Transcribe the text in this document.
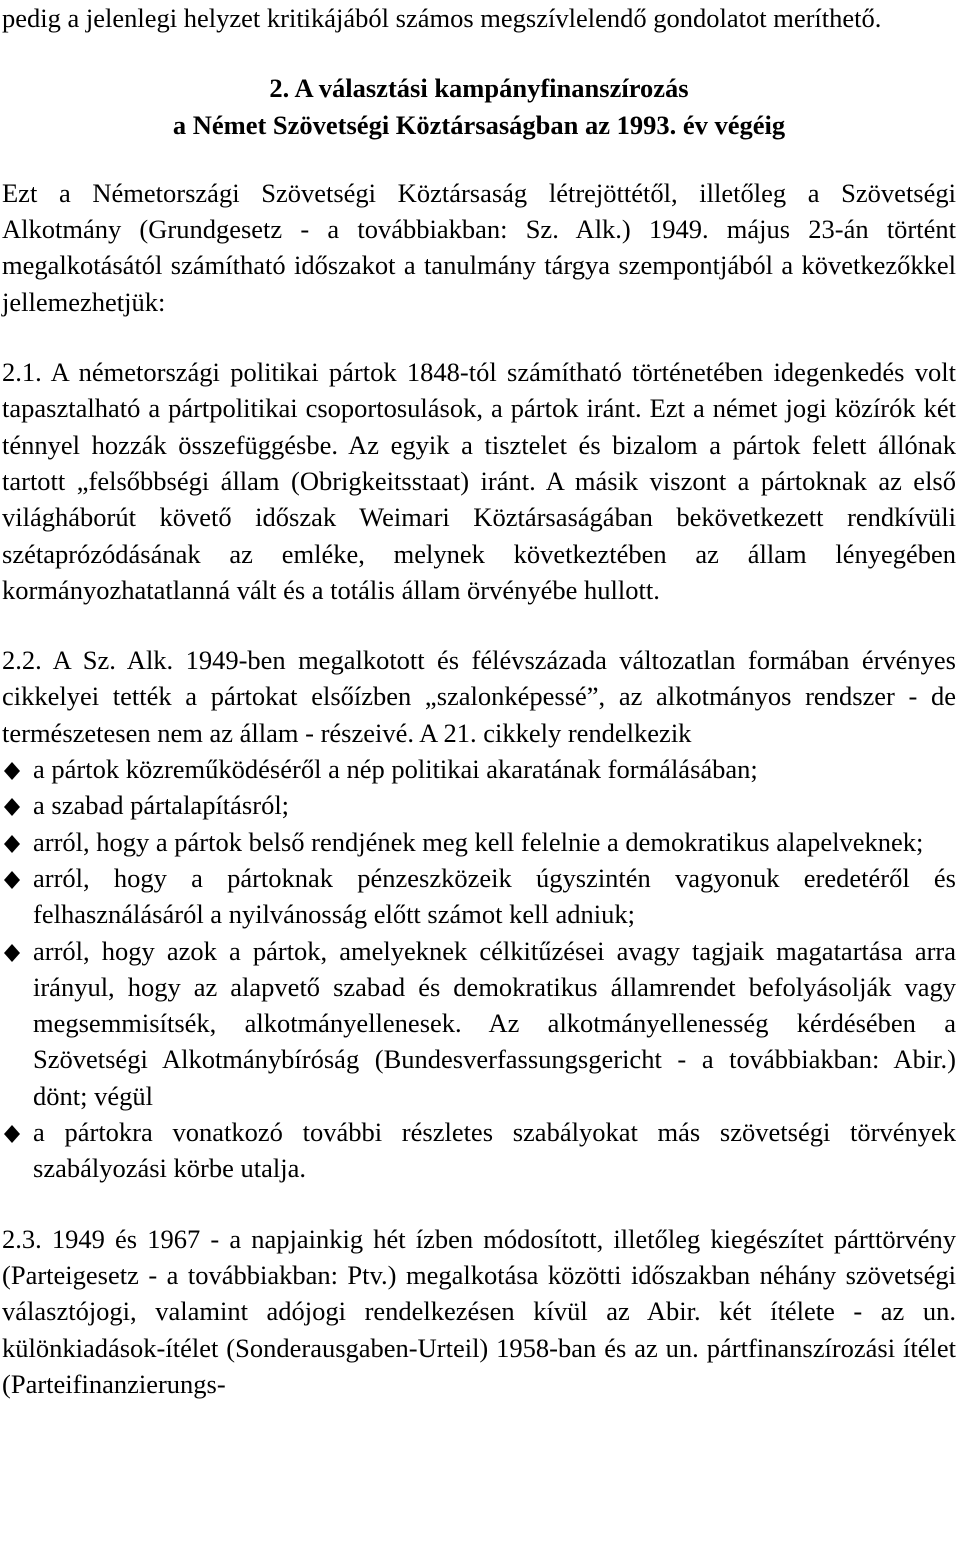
pedig a jelenlegi helyzet kritikájából számos megszívlelendő gondolatot meríthető.

2. A választási kampányfinanszírozás
a Német Szövetségi Köztársaságban az 1993. év végéig

Ezt a Németországi Szövetségi Köztársaság létrejöttétől, illetőleg a Szövetségi Alkotmány (Grundgesetz - a továbbiakban: Sz. Alk.) 1949. május 23-án történt megalkotásától számítható időszakot a tanulmány tárgya szempontjából a következőkkel jellemezhetjük:

2.1. A németországi politikai pártok 1848-tól számítható történetében idegenkedés volt tapasztalható a pártpolitikai csoportosulások, a pártok iránt. Ezt a német jogi közírók két ténnyel hozzák összefüggésbe. Az egyik a tisztelet és bizalom a pártok felett állónak tartott „felsőbbségi állam (Obrigkeitsstaat) iránt. A másik viszont a pártoknak az első világháborút követő időszak Weimari Köztársaságában bekövetkezett rendkívüli szétaprózódásának az emléke, melynek következtében az állam lényegében kormányozhatatlanná vált és a totális állam örvényébe hullott.

2.2. A Sz. Alk. 1949-ben megalkotott és félévszázada változatlan formában érvényes cikkelyei tették a pártokat elsőízben „szalonképessé”, az alkotmányos rendszer - de természetesen nem az állam - részeivé. A 21. cikkely rendelkezik

a pártok közreműködéséről a nép politikai akaratának formálásában;
a szabad pártalapításról;
arról, hogy a pártok belső rendjének meg kell felelnie a demokratikus alapelveknek;
arról, hogy a pártoknak pénzeszközeik úgyszintén vagyonuk eredetéről és felhasználásáról a nyilvánosság előtt számot kell adniuk;
arról, hogy azok a pártok, amelyeknek célkitűzései avagy tagjaik magatartása arra irányul, hogy az alapvető szabad és demokratikus államrendet befolyásolják vagy megsemmisítsék, alkotmányellenesek. Az alkotmányellenesség kérdésében a Szövetségi Alkotmánybíróság (Bundesverfassungsgericht - a továbbiakban: Abir.) dönt; végül
a pártokra vonatkozó további részletes szabályokat más szövetségi törvények szabályozási körbe utalja.

2.3. 1949 és 1967 - a napjainkig hét ízben módosított, illetőleg kiegészítet párttörvény (Parteigesetz - a továbbiakban: Ptv.) megalkotása közötti időszakban néhány szövetségi választójogi, valamint adójogi rendelkezésen kívül az Abir. két ítélete - az un. különkiadások-ítélet (Sonderausgaben-Urteil) 1958-ban és az un. pártfinanszírozási ítélet (Parteifinanzierungs-
